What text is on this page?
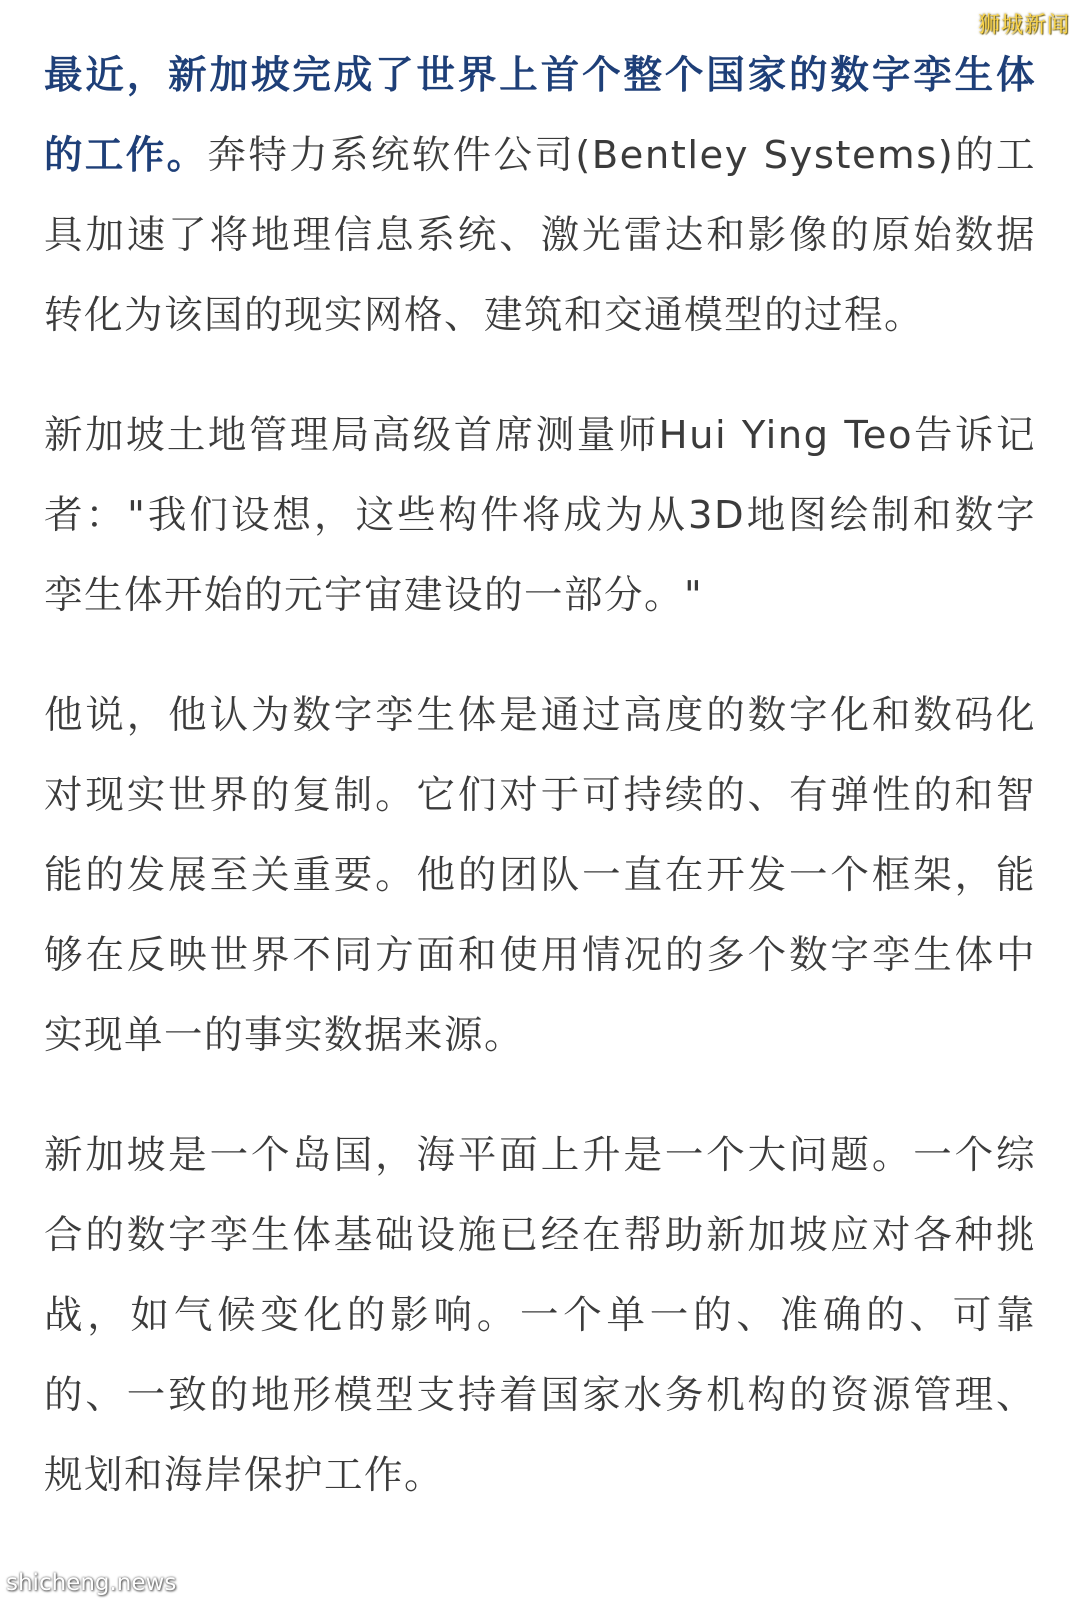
最近，新加坡完成了世界上首个整个国家的数字孪生体的工作。奔特力系统软件公司(Bentley Systems)的工具加速了将地理信息系统、激光雷达和影像的原始数据转化为该国的现实网格、建筑和交通模型的过程。

新加坡土地管理局高级首席测量师Hui Ying Teo告诉记者："我们设想，这些构件将成为从3D地图绘制和数字孪生体开始的元宇宙建设的一部分。"

他说，他认为数字孪生体是通过高度的数字化和数码化对现实世界的复制。它们对于可持续的、有弹性的和智能的发展至关重要。他的团队一直在开发一个框架，能够在反映世界不同方面和使用情况的多个数字孪生体中实现单一的事实数据来源。

新加坡是一个岛国，海平面上升是一个大问题。一个综合的数字孪生体基础设施已经在帮助新加坡应对各种挑战，如气候变化的影响。一个单一的、准确的、可靠的、一致的地形模型支持着国家水务机构的资源管理、规划和海岸保护工作。

狮城新闻
shicheng.news
